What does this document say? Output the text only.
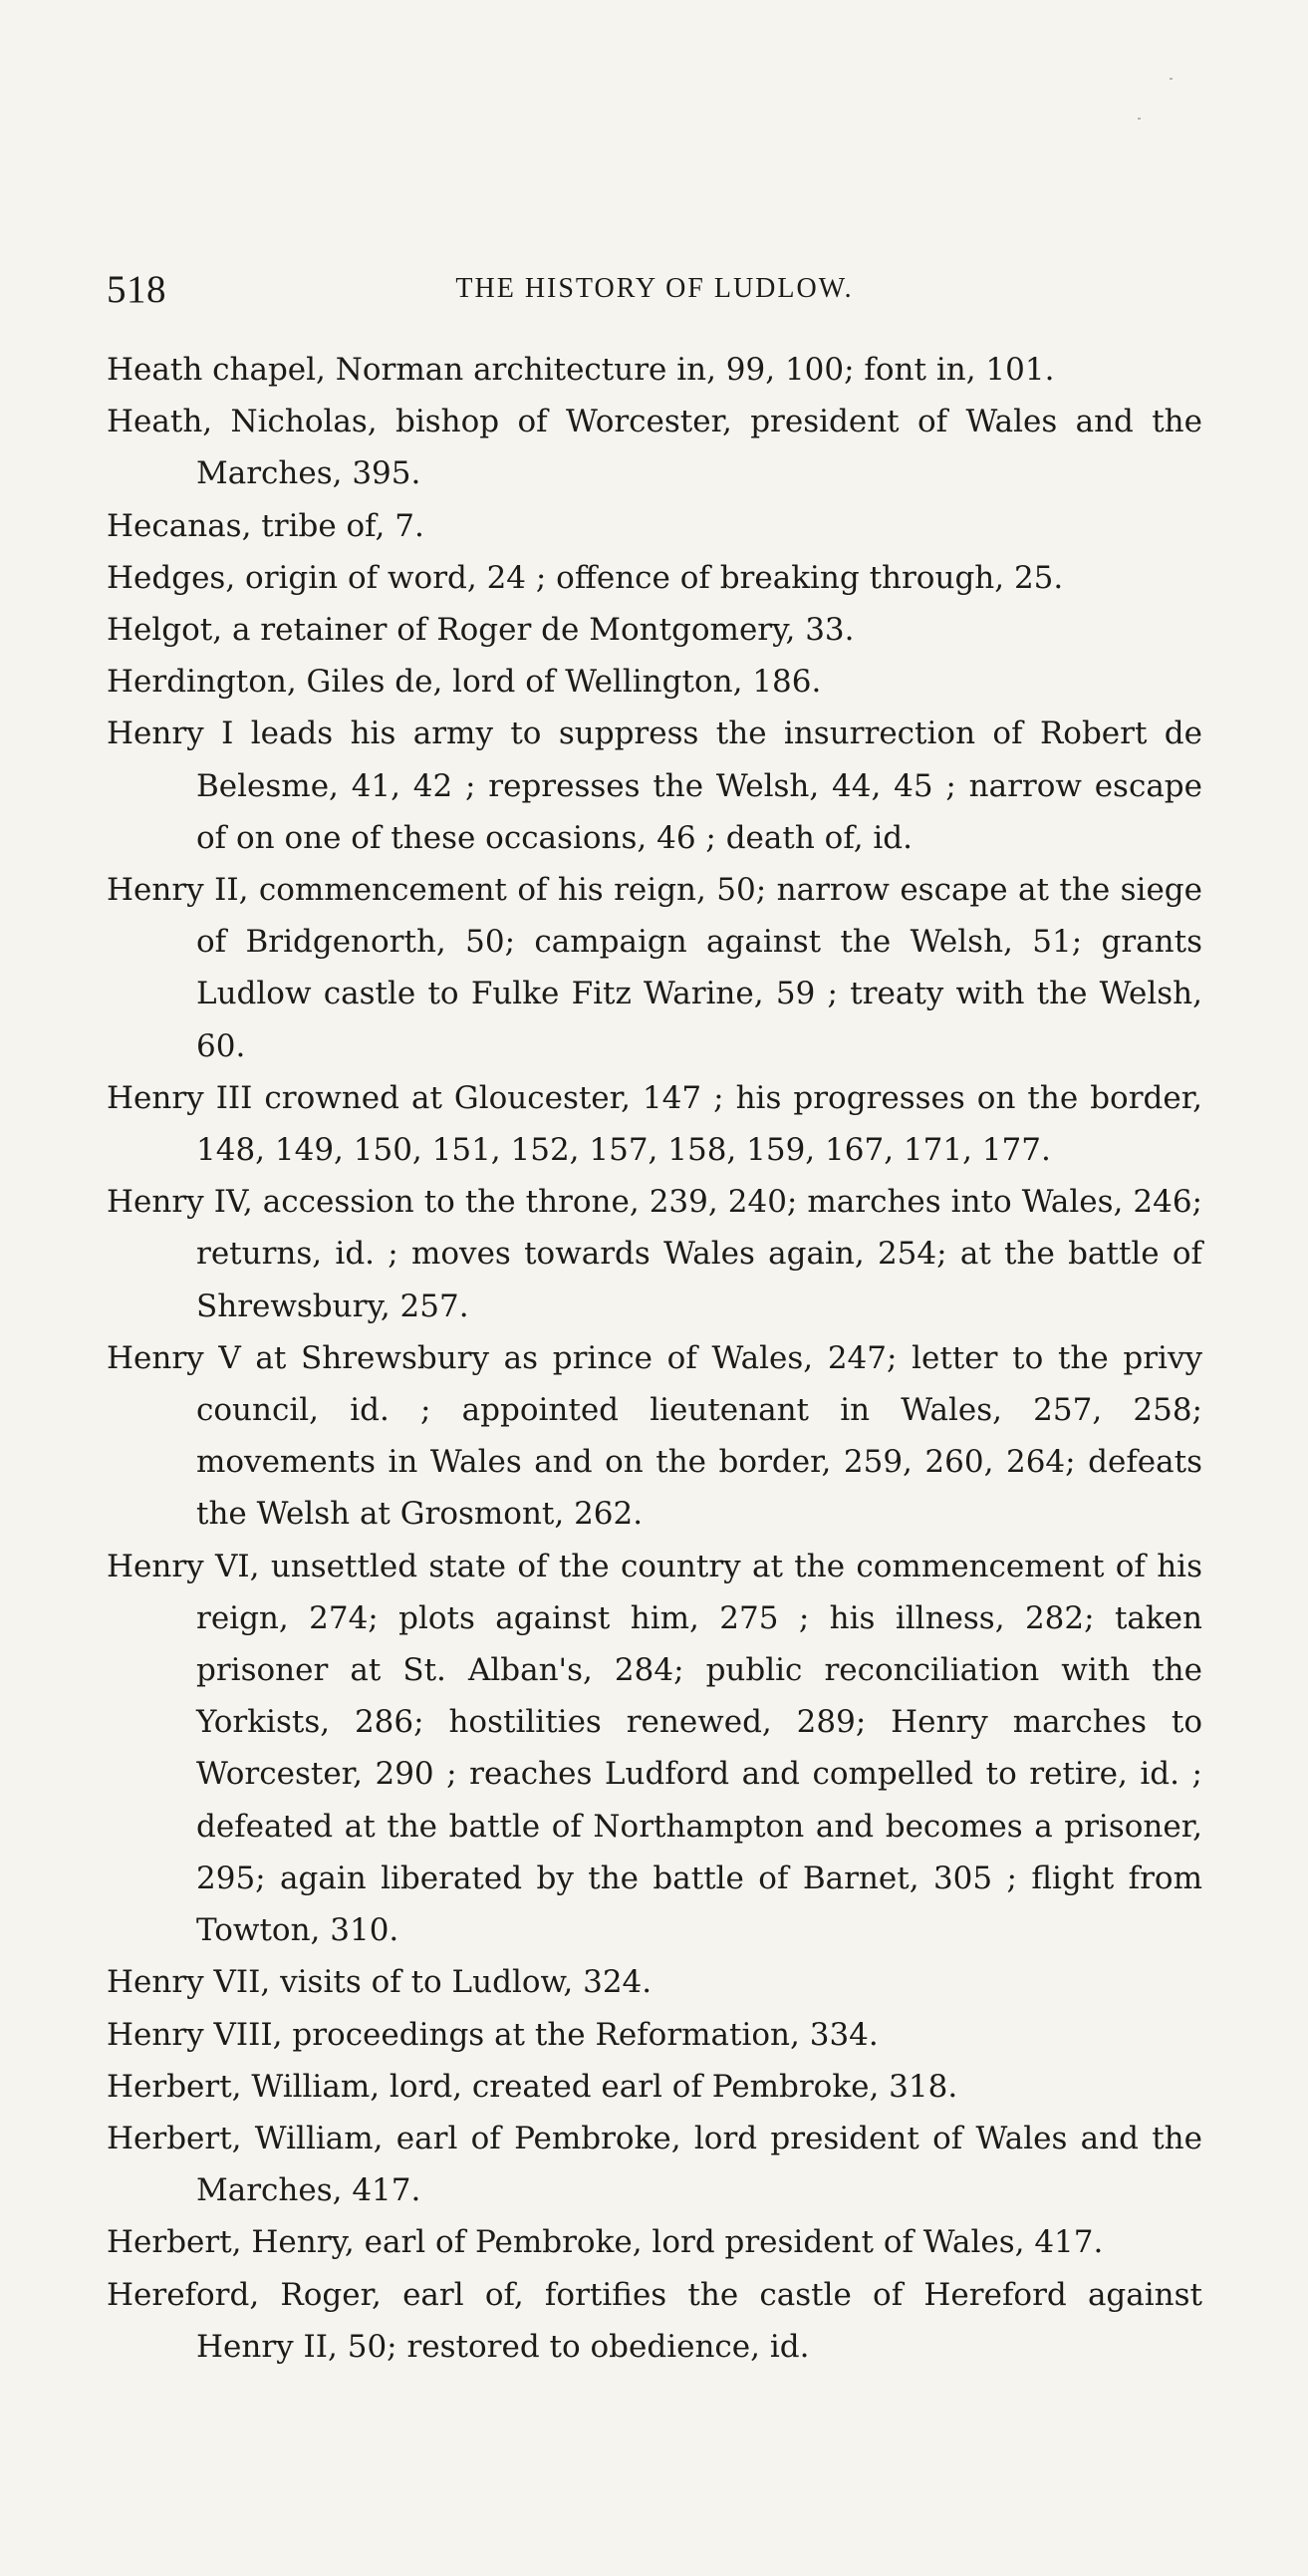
518	THE HISTORY OF LUDLOW.

Heath chapel, Norman architecture in, 99, 100; font in, 101.

Heath, Nicholas, bishop of Worcester, president of Wales and the Marches, 395.

Hecanas, tribe of, 7.

Hedges, origin of word, 24 ; offence of breaking through, 25.

Helgot, a retainer of Roger de Montgomery, 33.

Herdington, Giles de, lord of Wellington, 186.

Henry I leads his army to suppress the insurrection of Robert de Belesme, 41, 42 ; represses the Welsh, 44, 45 ; narrow escape of on one of these occasions, 46 ; death of, id.

Henry II, commencement of his reign, 50; narrow escape at the siege of Bridgenorth, 50; campaign against the Welsh, 51; grants Ludlow castle to Fulke Fitz Warine, 59 ; treaty with the Welsh, 60.

Henry III crowned at Gloucester, 147 ; his progresses on the border, 148, 149, 150, 151, 152, 157, 158, 159, 167, 171, 177.

Henry IV, accession to the throne, 239, 240; marches into Wales, 246; returns, id. ; moves towards Wales again, 254; at the battle of Shrewsbury, 257.

Henry V at Shrewsbury as prince of Wales, 247; letter to the privy council, id. ; appointed lieutenant in Wales, 257, 258; movements in Wales and on the border, 259, 260, 264; defeats the Welsh at Grosmont, 262.

Henry VI, unsettled state of the country at the commencement of his reign, 274; plots against him, 275 ; his illness, 282; taken prisoner at St. Alban's, 284; public reconciliation with the Yorkists, 286; hostilities renewed, 289; Henry marches to Worcester, 290 ; reaches Ludford and compelled to retire, id. ; defeated at the battle of Northampton and becomes a prisoner, 295; again liberated by the battle of Barnet, 305 ; flight from Towton, 310.

Henry VII, visits of to Ludlow, 324.

Henry VIII, proceedings at the Reformation, 334.

Herbert, William, lord, created earl of Pembroke, 318.

Herbert, William, earl of Pembroke, lord president of Wales and the Marches, 417.

Herbert, Henry, earl of Pembroke, lord president of Wales, 417.

Hereford, Roger, earl of, fortifies the castle of Hereford against Henry II, 50; restored to obedience, id.
